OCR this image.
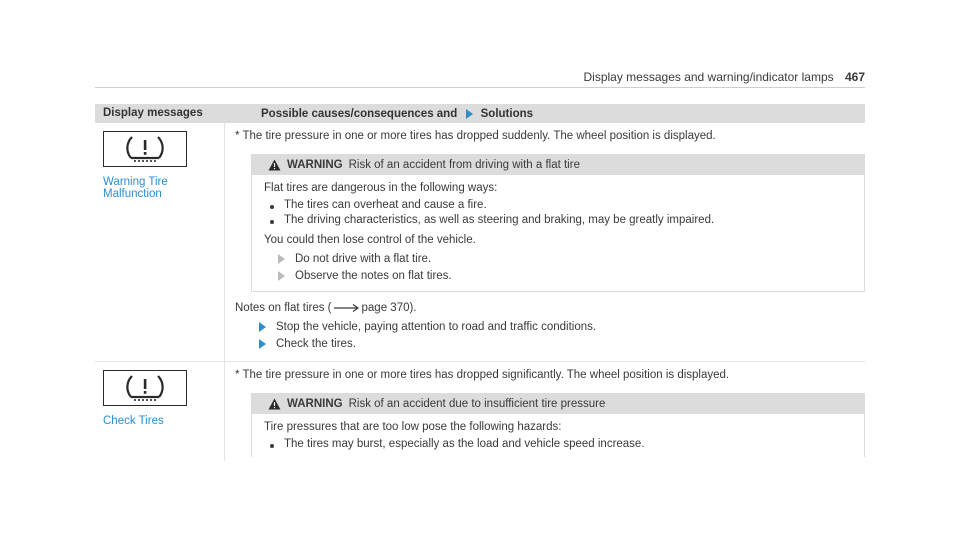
Display messages and warning/indicator lamps 467
Display messages	Possible causes/consequences and Solutions
Warning Tire Malfunction

* The tire pressure in one or more tires has dropped suddenly. The wheel position is displayed.

WARNING Risk of an accident from driving with a flat tire

Flat tires are dangerous in the following ways:

The tires can overheat and cause a fire.
The driving characteristics, as well as steering and braking, may be greatly impaired.

You could then lose control of the vehicle.

Do not drive with a flat tire.
Observe the notes on flat tires.

Notes on flat tires (	page 370).

Stop the vehicle, paying attention to road and traffic conditions.
Check the tires.
Check Tires

* The tire pressure in one or more tires has dropped significantly. The wheel position is displayed.

WARNING Risk of an accident due to insufficient tire pressure

Tire pressures that are too low pose the following hazards:

The tires may burst, especially as the load and vehicle speed increase.
